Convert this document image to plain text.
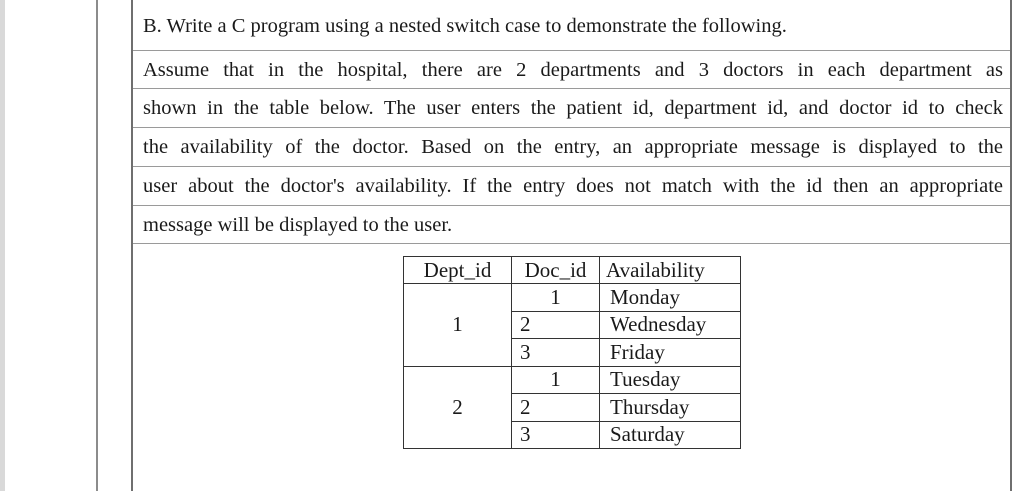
B. Write a C program using a nested switch case to demonstrate the following.
Assume that in the hospital, there are 2 departments and 3 doctors in each department as
shown in the table below. The user enters the patient id, department id, and doctor id to check
the availability of the doctor. Based on the entry, an appropriate message is displayed to the
user about the doctor's availability. If the entry does not match with the id then an appropriate
message will be displayed to the user.
Dept_id	Doc_id	Availability
1	1	Monday
	2	Wednesday
	3	Friday
2	1	Tuesday
	2	Thursday
	3	Saturday
